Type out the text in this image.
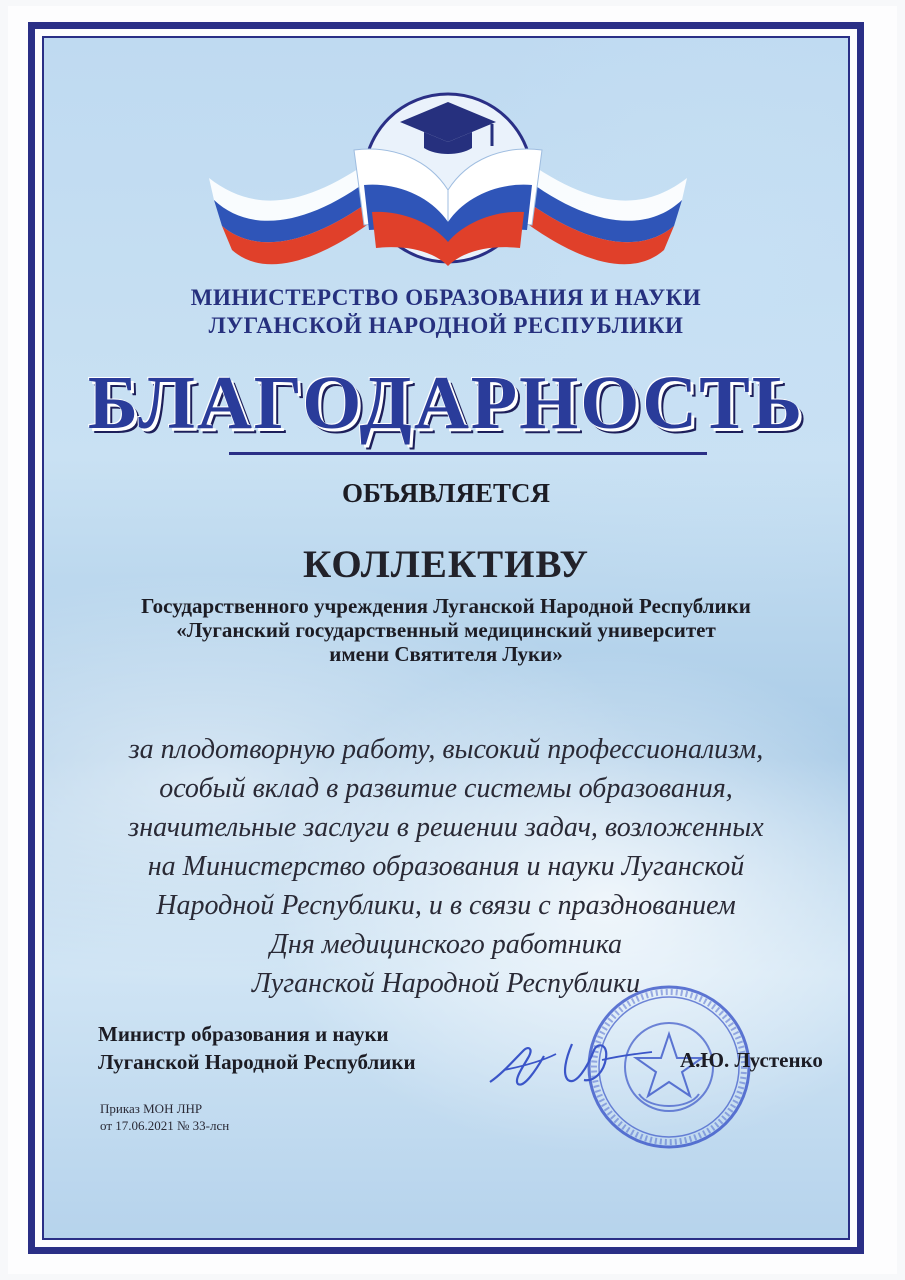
МИНИСТЕРСТВО ОБРАЗОВАНИЯ И НАУКИ
ЛУГАНСКОЙ НАРОДНОЙ РЕСПУБЛИКИ
БЛАГОДАРНОСТЬ
ОБЪЯВЛЯЕТСЯ
КОЛЛЕКТИВУ
Государственного учреждения Луганской Народной Республики
«Луганский государственный медицинский университет
имени Святителя Луки»
за плодотворную работу, высокий профессионализм,
особый вклад в развитие системы образования,
значительные заслуги в решении задач, возложенных
на Министерство образования и науки Луганской
Народной Республики, и в связи с празднованием
Дня медицинского работника
Луганской Народной Республики
Министр образования и науки
Луганской Народной Республики	А.Ю. Лустенко
Приказ МОН ЛНР
от 17.06.2021 № 33-лсн
